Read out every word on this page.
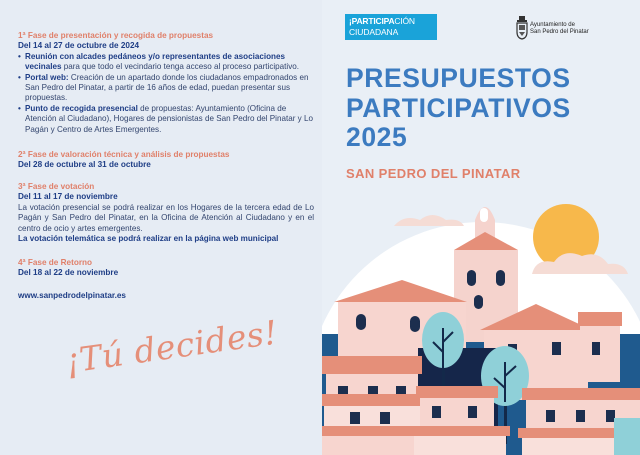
1ª Fase de presentación y recogida de propuestas
Del 14 al 27 de octubre de 2024
• Reunión con alcades pedáneos y/o representantes de asociaciones vecinales para que todo el vecindario tenga acceso al proceso participativo.
• Portal web: Creación de un apartado donde los ciudadanos empadronados en San Pedro del Pinatar, a partir de 16 años de edad, puedan presentar sus propuestas.
• Punto de recogida presencial de propuestas: Ayuntamiento (Oficina de Atención al Ciudadano), Hogares de pensionistas de San Pedro del Pinatar y Lo Pagán y Centro de Artes Emergentes.
2ª Fase de valoración técnica y análisis de propuestas
Del 28 de octubre al 31 de octubre
3ª Fase de votación
Del 11 al 17 de noviembre
La votación presencial se podrá realizar en los Hogares de la tercera edad de Lo Pagán y San Pedro del Pinatar, en la Oficina de Atención al Ciudadano y en el centro de ocio y artes emergentes.
La votación telemática se podrá realizar en la página web municipal
4ª Fase de Retorno
Del 18 al 22 de noviembre
www.sanpedrodelpinatar.es
¡Tú decides!
¡PARTICIPACIÓN
CIUDADANA
Ayuntamiento de
San Pedro del Pinatar
PRESUPUESTOS
PARTICIPATIVOS
2025
SAN PEDRO DEL PINATAR
